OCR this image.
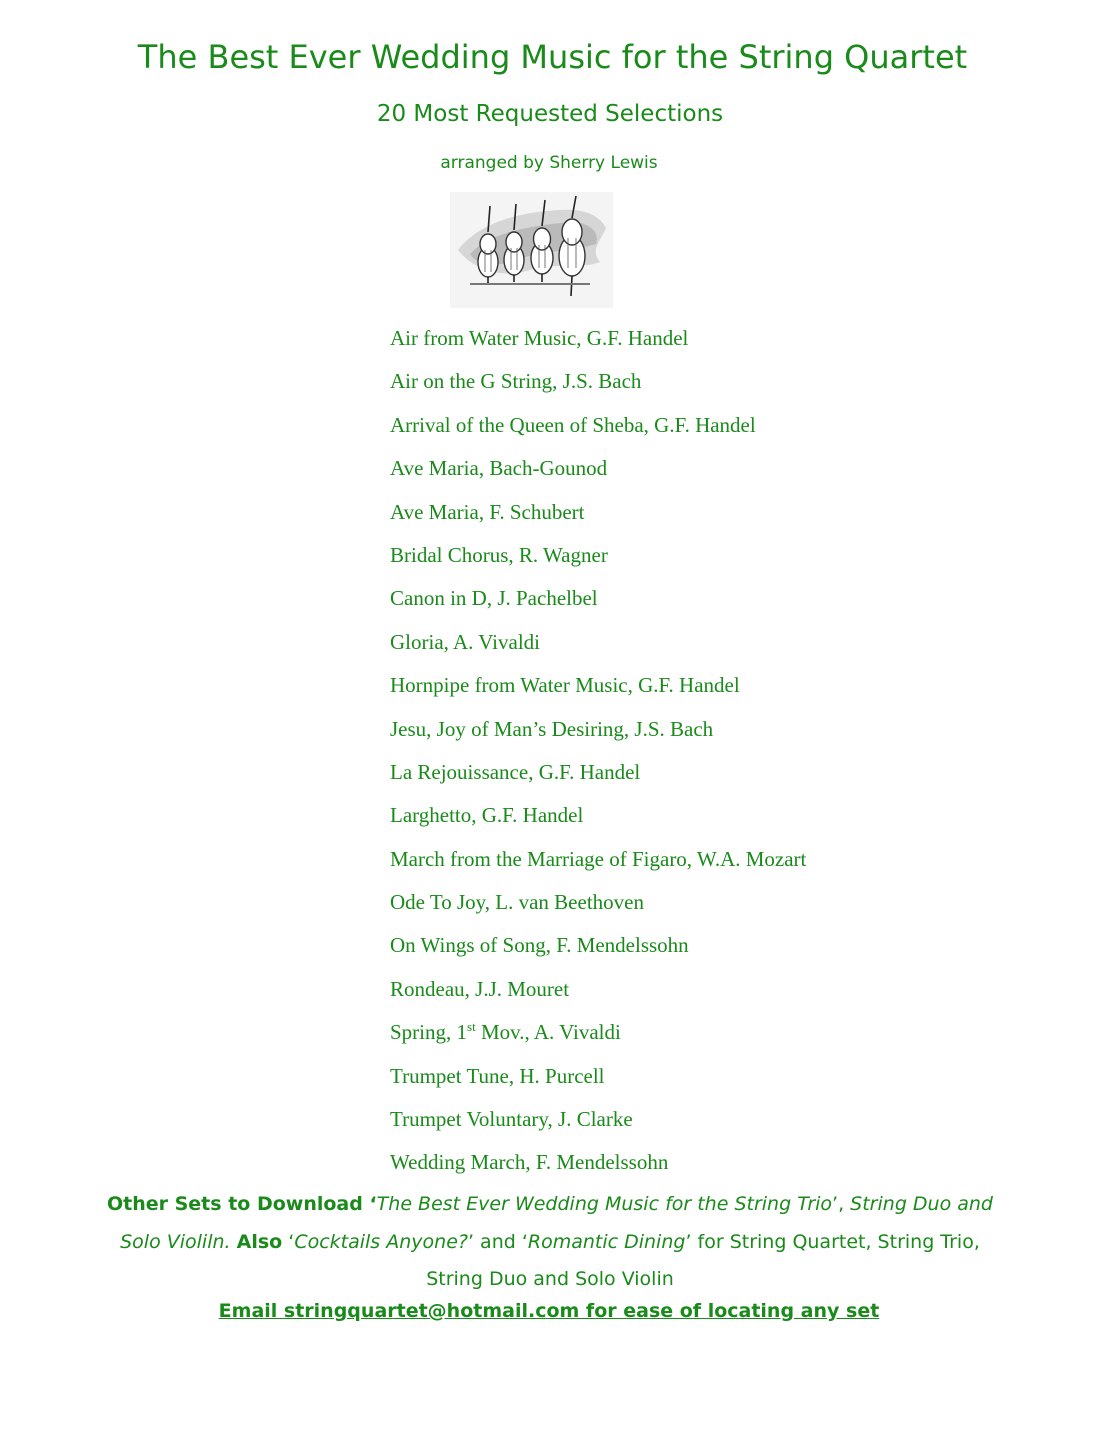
The Best Ever Wedding Music for the String Quartet
20 Most Requested Selections
arranged by Sherry Lewis
Air from Water Music, G.F. Handel
Air on the G String, J.S. Bach
Arrival of the Queen of Sheba, G.F. Handel
Ave Maria, Bach-Gounod
Ave Maria, F. Schubert
Bridal Chorus, R. Wagner
Canon in D, J. Pachelbel
Gloria, A. Vivaldi
Hornpipe from Water Music, G.F. Handel
Jesu, Joy of Man’s Desiring, J.S. Bach
La Rejouissance, G.F. Handel
Larghetto, G.F. Handel
March from the Marriage of Figaro, W.A. Mozart
Ode To Joy, L. van Beethoven
On Wings of Song, F. Mendelssohn
Rondeau, J.J. Mouret
Spring, 1st Mov., A. Vivaldi
Trumpet Tune, H. Purcell
Trumpet Voluntary, J. Clarke
Wedding March, F. Mendelssohn
Other Sets to Download ‘The Best Ever Wedding Music for the String Trio’, String Duo and Solo Violiln. Also ‘Cocktails Anyone?’ and ‘Romantic Dining’ for String Quartet, String Trio, String Duo and Solo Violin
Email stringquartet@hotmail.com for ease of locating any set
